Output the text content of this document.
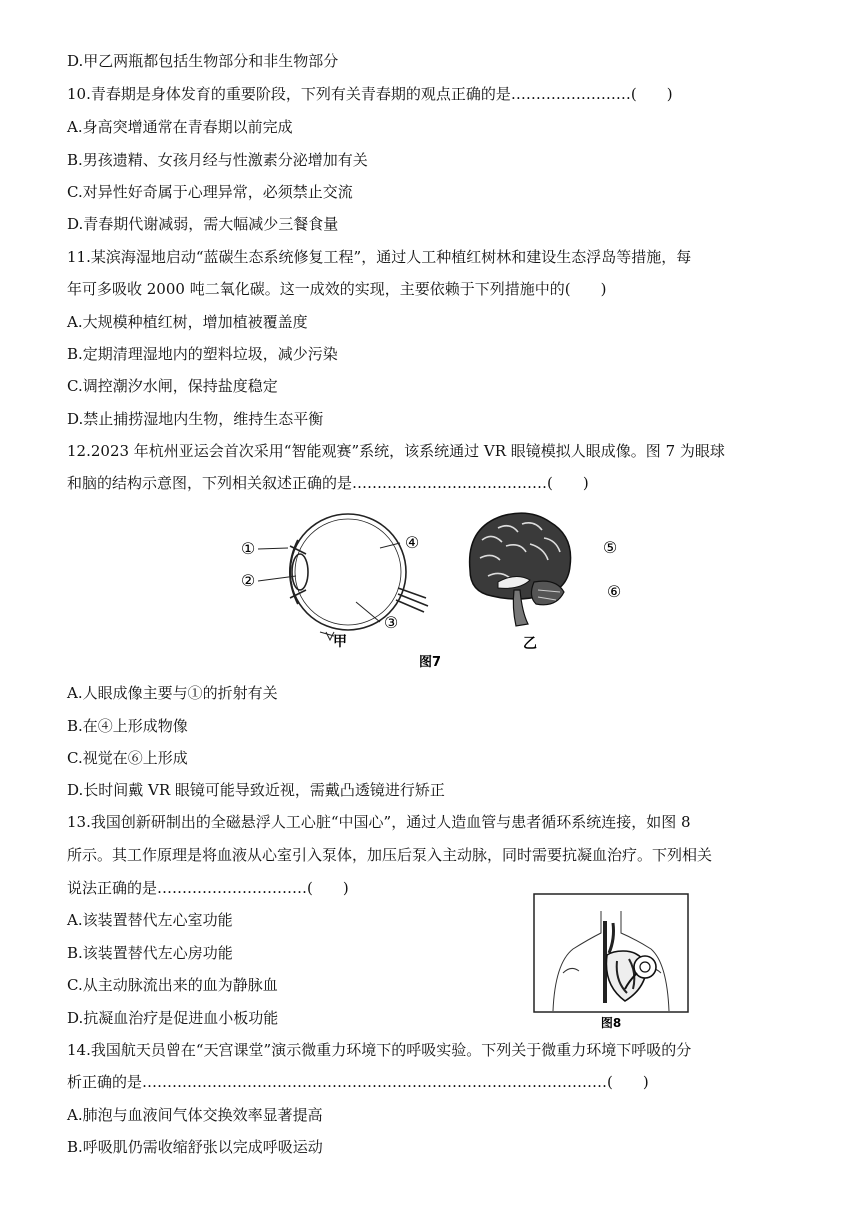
D.甲乙两瓶都包括生物部分和非生物部分
10.青春期是身体发育的重要阶段，下列有关青春期的观点正确的是……………………(　　)
A.身高突增通常在青春期以前完成
B.男孩遗精、女孩月经与性激素分泌增加有关
C.对异性好奇属于心理异常，必须禁止交流
D.青春期代谢减弱，需大幅减少三餐食量
11.某滨海湿地启动“蓝碳生态系统修复工程”，通过人工种植红树林和建设生态浮岛等措施，每
年可多吸收 2000 吨二氧化碳。这一成效的实现，主要依赖于下列措施中的(　　)
A.大规模种植红树，增加植被覆盖度
B.定期清理湿地内的塑料垃圾，减少污染
C.调控潮汐水闸，保持盐度稳定
D.禁止捕捞湿地内生物，维持生态平衡
12.2023 年杭州亚运会首次采用“智能观赛”系统，该系统通过 VR 眼镜模拟人眼成像。图 7 为眼球
和脑的结构示意图，下列相关叙述正确的是…………………………………(　　)
①
②
③
④
甲
⑤
⑥
乙
图7
A.人眼成像主要与①的折射有关
B.在④上形成物像
C.视觉在⑥上形成
D.长时间戴 VR 眼镜可能导致近视，需戴凸透镜进行矫正
13.我国创新研制出的全磁悬浮人工心脏“中国心”，通过人造血管与患者循环系统连接，如图 8
所示。其工作原理是将血液从心室引入泵体，加压后泵入主动脉，同时需要抗凝血治疗。下列相关
说法正确的是…………………………(　　)
A.该装置替代左心室功能
B.该装置替代左心房功能
C.从主动脉流出来的血为静脉血
D.抗凝血治疗是促进血小板功能	图8
14.我国航天员曾在“天宫课堂”演示微重力环境下的呼吸实验。下列关于微重力环境下呼吸的分
析正确的是…………………………………………………………………………………(　　)
A.肺泡与血液间气体交换效率显著提高
B.呼吸肌仍需收缩舒张以完成呼吸运动
